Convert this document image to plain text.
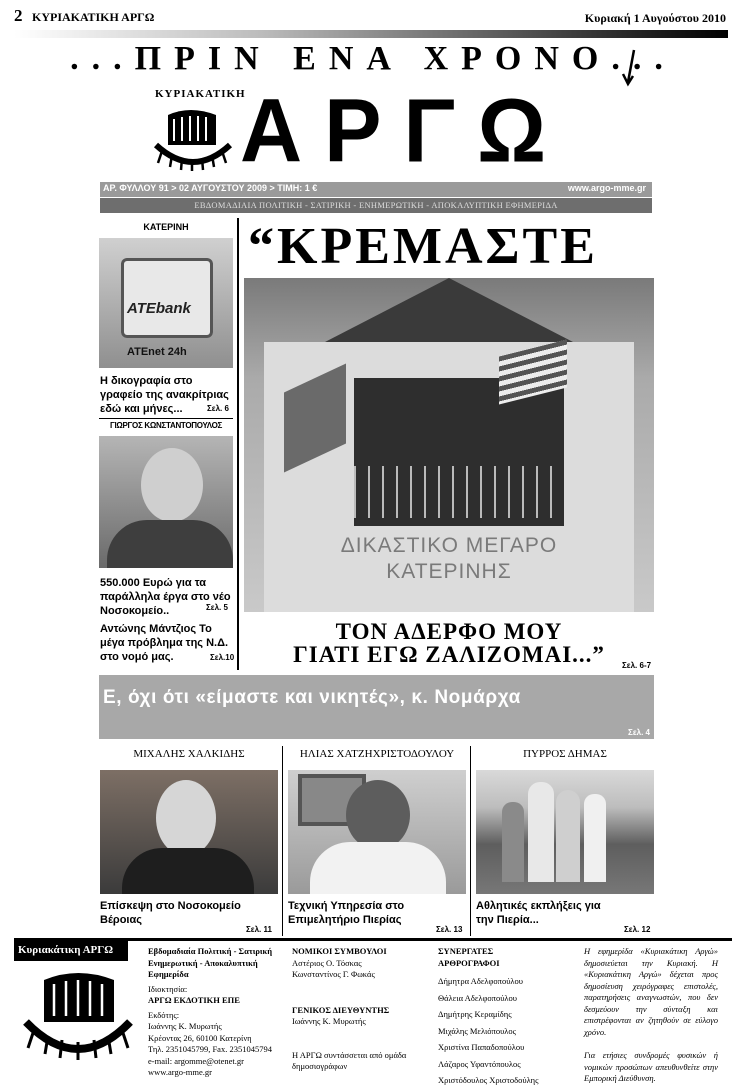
2 ΚΥΡΙΑΚΑΤΙΚΗ ΑΡΓΩ	Κυριακή 1 Αυγούστου 2010
...ΠΡΙΝ ΕΝΑ ΧΡΟΝΟ...
ΚΥΡΙΑΚΑΤΙΚΗ
ΑΡΓΩ
ΑΡ. ΦΥΛΛΟΥ 91 > 02 ΑΥΓΟΥΣΤΟΥ 2009 > ΤΙΜΗ: 1 €	www.argo-mme.gr
ΕΒΔΟΜΑΔΙΑΙΑ ΠΟΛΙΤΙΚΗ - ΣΑΤΙΡΙΚΗ - ΕΝΗΜΕΡΩΤΙΚΗ - ΑΠΟΚΑΛΥΠΤΙΚΗ ΕΦΗΜΕΡΙΔΑ
ΚΑΤΕΡΙΝΗ
ATEbank
ATEnet 24h
Η δικογραφία στο γραφείο της ανακρίτριας εδώ και μήνες...	Σελ. 6
ΓΙΩΡΓΟΣ ΚΩΝΣΤΑΝΤΟΠΟΥΛΟΣ
550.000 Ευρώ για τα παράλληλα έργα στο νέο Νοσοκομείο..	Σελ. 5
Αντώνης Μάντζιος Το μέγα πρόβλημα της Ν.Δ. στο νομό μας.	Σελ.10
“ΚΡΕΜΑΣΤΕ
ΔΙΚΑΣΤΙΚΟ ΜΕΓΑΡΟ
ΚΑΤΕΡΙΝΗΣ
ΤΟΝ ΑΔΕΡΦΟ ΜΟΥ
ΓΙΑΤΙ ΕΓΩ ΖΑΛΙΖΟΜΑΙ...”	Σελ. 6-7
Ε, όχι ότι «είμαστε και νικητές», κ. Νομάρχα
Σελ. 4
ΜΙΧΑΛΗΣ ΧΑΛΚΙΔΗΣ	ΗΛΙΑΣ ΧΑΤΖΗΧΡΙΣΤΟΔΟΥΛΟΥ	ΠΥΡΡΟΣ ΔΗΜΑΣ
Επίσκεψη στο Νοσοκομείο Βέροιας
Σελ. 11
Τεχνική Υπηρεσία στο Επιμελητήριο Πιερίας
Σελ. 13
Αθλητικές εκπλήξεις για την Πιερία...
Σελ. 12
Κυριακάτικη ΑΡΓΩ	Εβδομαδιαία Πολιτική - Σατιρική Ενημερωτική - Αποκαλυπτική Εφημερίδα
Ιδιοκτησία:
ΑΡΓΩ ΕΚΔΟΤΙΚΗ ΕΠΕ
Εκδότης:
Ιωάννης Κ. Μυρωτής
Κρέοντας 26, 60100 Κατερίνη
Τηλ. 2351045799, Fax. 2351045794
e-mail: argomme@otenet.gr
www.argo-mme.gr
ΝΟΜΙΚΟΙ ΣΥΜΒΟΥΛΟΙ
Αστέριος Ο. Τόσκας
Κωνσταντίνος Γ. Φωκάς
ΓΕΝΙΚΟΣ ΔΙΕΥΘΥΝΤΗΣ
Ιωάννης Κ. Μυρωτής
Η ΑΡΓΩ συντάσσεται από ομάδα δημοσιογράφων
ΣΥΝΕΡΓΑΤΕΣ ΑΡΘΡΟΓΡΑΦΟΙ
Δήμητρα Αδελφοπούλου
Θάλεια Αδελφοπούλου
Δημήτρης Κεραμίδης
Μιχάλης Μελιόπουλος
Χριστίνα Παπαδοπούλου
Λάζαρος Υφαντόπουλος
Χριστόδουλος Χριστοδούλης
Η εφημερίδα «Κυριακάτικη Αργώ» δημοσιεύεται την Κυριακή. Η «Κυριακάτικη Αργώ» δέχεται προς δημοσίευση χειρόγραφες επιστολές, παρατηρήσεις αναγνωστών, που δεν δεσμεύουν την σύνταξη και επιστρέφονται αν ζητηθούν σε εύλογο χρόνο.
Για ετήσιες συνδρομές φυσικών ή νομικών προσώπων απευθυνθείτε στην Εμπορική Διεύθυνση.
